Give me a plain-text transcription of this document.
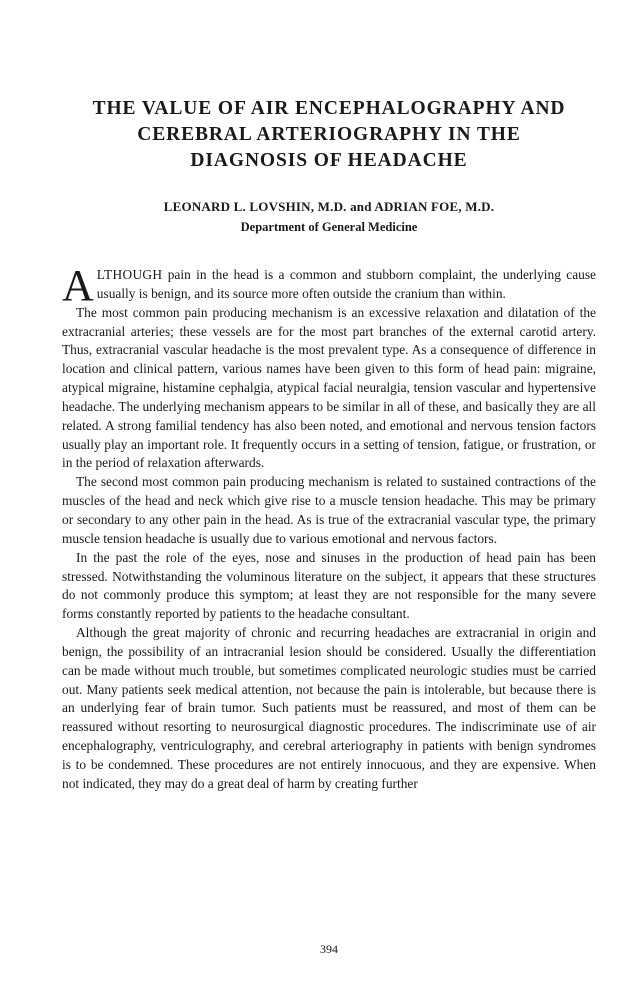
THE VALUE OF AIR ENCEPHALOGRAPHY AND
CEREBRAL ARTERIOGRAPHY IN THE
DIAGNOSIS OF HEADACHE
LEONARD L. LOVSHIN, M.D. and ADRIAN FOE, M.D.
Department of General Medicine

ALTHOUGH pain in the head is a common and stubborn complaint, the underlying cause usually is benign, and its source more often outside the cranium than within.

The most common pain producing mechanism is an excessive relaxation and dilatation of the extracranial arteries; these vessels are for the most part branches of the external carotid artery. Thus, extracranial vascular headache is the most prevalent type. As a consequence of difference in location and clinical pattern, various names have been given to this form of head pain: migraine, atypical migraine, histamine cephalgia, atypical facial neuralgia, tension vascular and hypertensive headache. The underlying mechanism appears to be similar in all of these, and basically they are all related. A strong familial tendency has also been noted, and emotional and nervous tension factors usually play an important role. It frequently occurs in a setting of tension, fatigue, or frustration, or in the period of relaxation afterwards.

The second most common pain producing mechanism is related to sustained contractions of the muscles of the head and neck which give rise to a muscle tension headache. This may be primary or secondary to any other pain in the head. As is true of the extracranial vascular type, the primary muscle tension headache is usually due to various emotional and nervous factors.

In the past the role of the eyes, nose and sinuses in the production of head pain has been stressed. Notwithstanding the voluminous literature on the subject, it appears that these structures do not commonly produce this symptom; at least they are not responsible for the many severe forms constantly reported by patients to the headache consultant.

Although the great majority of chronic and recurring headaches are extracranial in origin and benign, the possibility of an intracranial lesion should be considered. Usually the differentiation can be made without much trouble, but sometimes complicated neurologic studies must be carried out. Many patients seek medical attention, not because the pain is intolerable, but because there is an underlying fear of brain tumor. Such patients must be reassured, and most of them can be reassured without resorting to neurosurgical diagnostic procedures. The indiscriminate use of air encephalography, ventriculography, and cerebral arteriography in patients with benign syndromes is to be condemned. These procedures are not entirely innocuous, and they are expensive. When not indicated, they may do a great deal of harm by creating further

394
